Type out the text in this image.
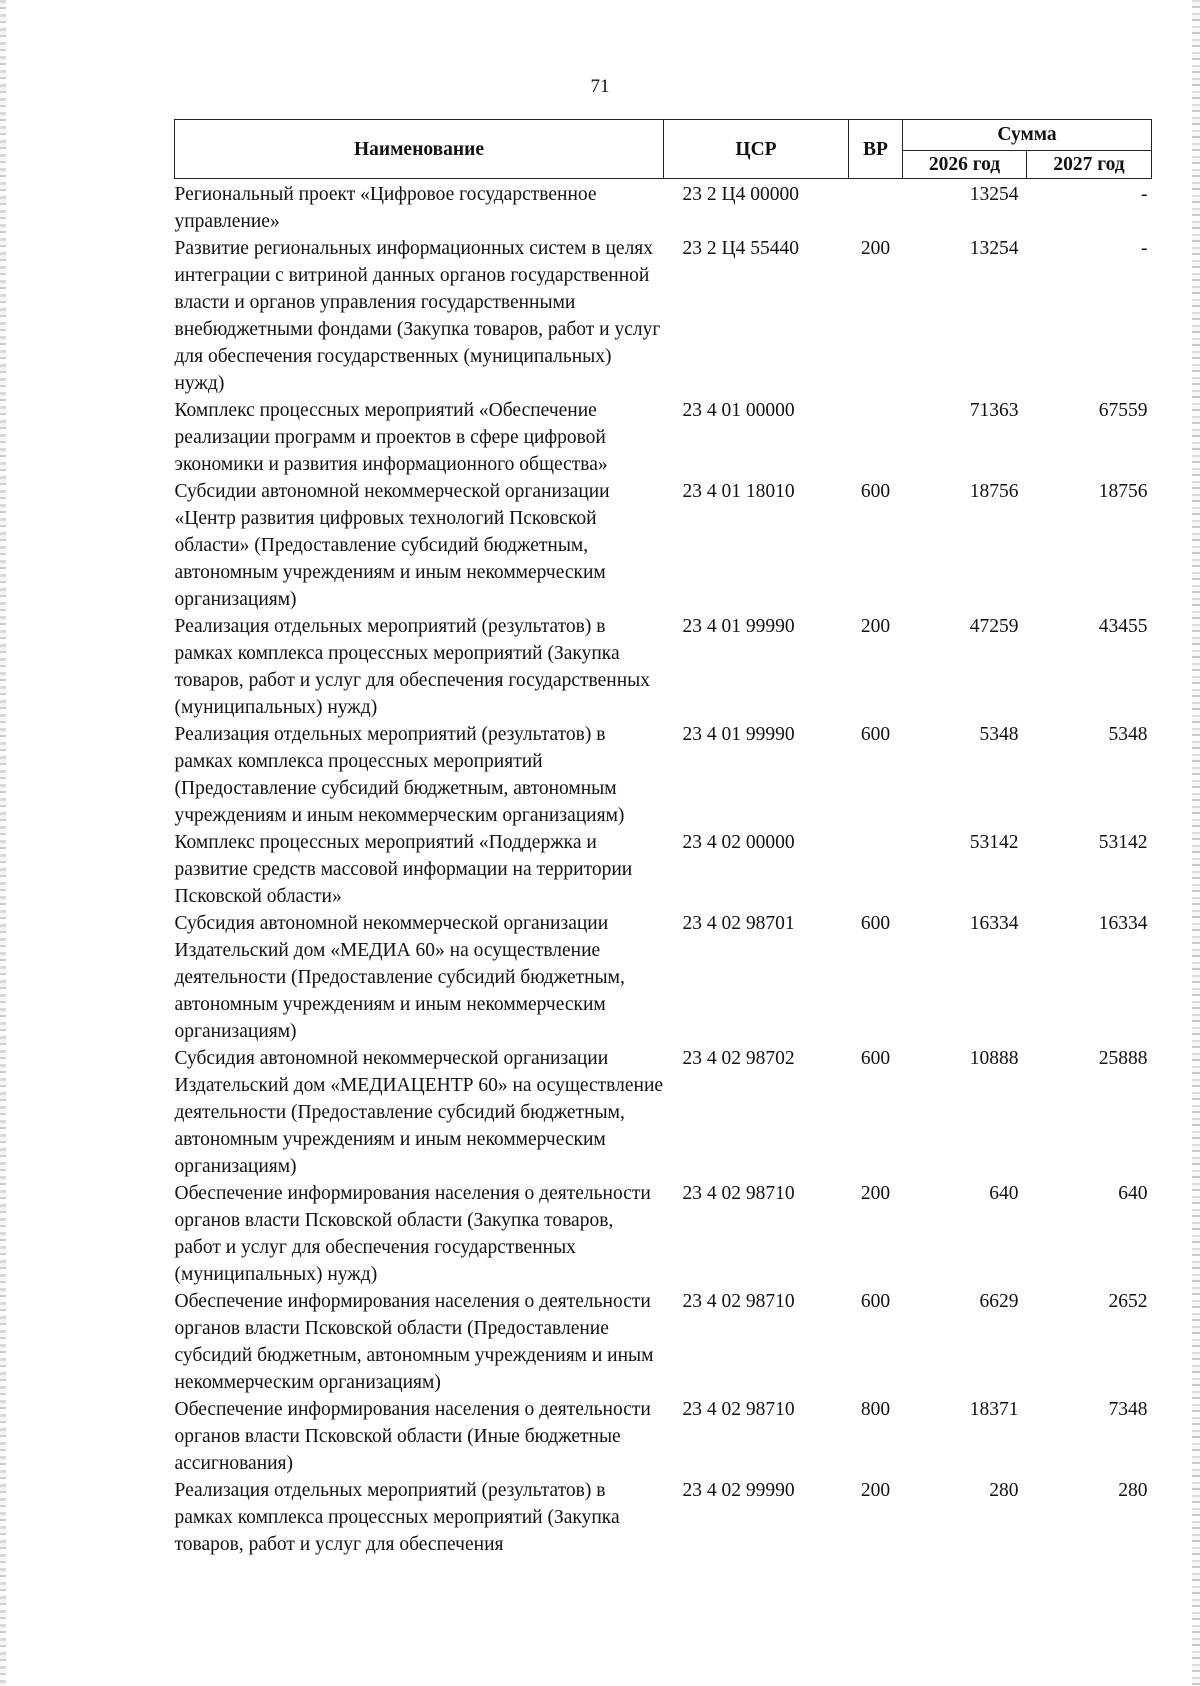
71
Наименование	ЦСР	ВР	Сумма	
			2026 год	2027 год
Региональный проект «Цифровое государственное управление»	23 2 Ц4 00000		13254	-
Развитие региональных информационных систем в целях интеграции с витриной данных органов государственной власти и органов управления государственными внебюджетными фондами (Закупка товаров, работ и услуг для обеспечения государственных (муниципальных) нужд)	23 2 Ц4 55440	200	13254	-
Комплекс процессных мероприятий «Обеспечение реализации программ и проектов в сфере цифровой экономики и развития информационного общества»	23 4 01 00000		71363	67559
Субсидии автономной некоммерческой организации «Центр развития цифровых технологий Псковской области» (Предоставление субсидий бюджетным, автономным учреждениям и иным некоммерческим организациям)	23 4 01 18010	600	18756	18756
Реализация отдельных мероприятий (результатов) в рамках комплекса процессных мероприятий (Закупка товаров, работ и услуг для обеспечения государственных (муниципальных) нужд)	23 4 01 99990	200	47259	43455
Реализация отдельных мероприятий (результатов) в рамках комплекса процессных мероприятий (Предоставление субсидий бюджетным, автономным учреждениям и иным некоммерческим организациям)	23 4 01 99990	600	5348	5348
Комплекс процессных мероприятий «Поддержка и развитие средств массовой информации на территории Псковской области»	23 4 02 00000		53142	53142
Субсидия автономной некоммерческой организации Издательский дом «МЕДИА 60» на осуществление деятельности (Предоставление субсидий бюджетным, автономным учреждениям и иным некоммерческим организациям)	23 4 02 98701	600	16334	16334
Субсидия автономной некоммерческой организации Издательский дом «МЕДИАЦЕНТР 60» на осуществление деятельности (Предоставление субсидий бюджетным, автономным учреждениям и иным некоммерческим организациям)	23 4 02 98702	600	10888	25888
Обеспечение информирования населения о деятельности органов власти Псковской области (Закупка товаров, работ и услуг для обеспечения государственных (муниципальных) нужд)	23 4 02 98710	200	640	640
Обеспечение информирования населения о деятельности органов власти Псковской области (Предоставление субсидий бюджетным, автономным учреждениям и иным некоммерческим организациям)	23 4 02 98710	600	6629	2652
Обеспечение информирования населения о деятельности органов власти Псковской области (Иные бюджетные ассигнования)	23 4 02 98710	800	18371	7348
Реализация отдельных мероприятий (результатов) в рамках комплекса процессных мероприятий (Закупка товаров, работ и услуг для обеспечения	23 4 02 99990	200	280	280
